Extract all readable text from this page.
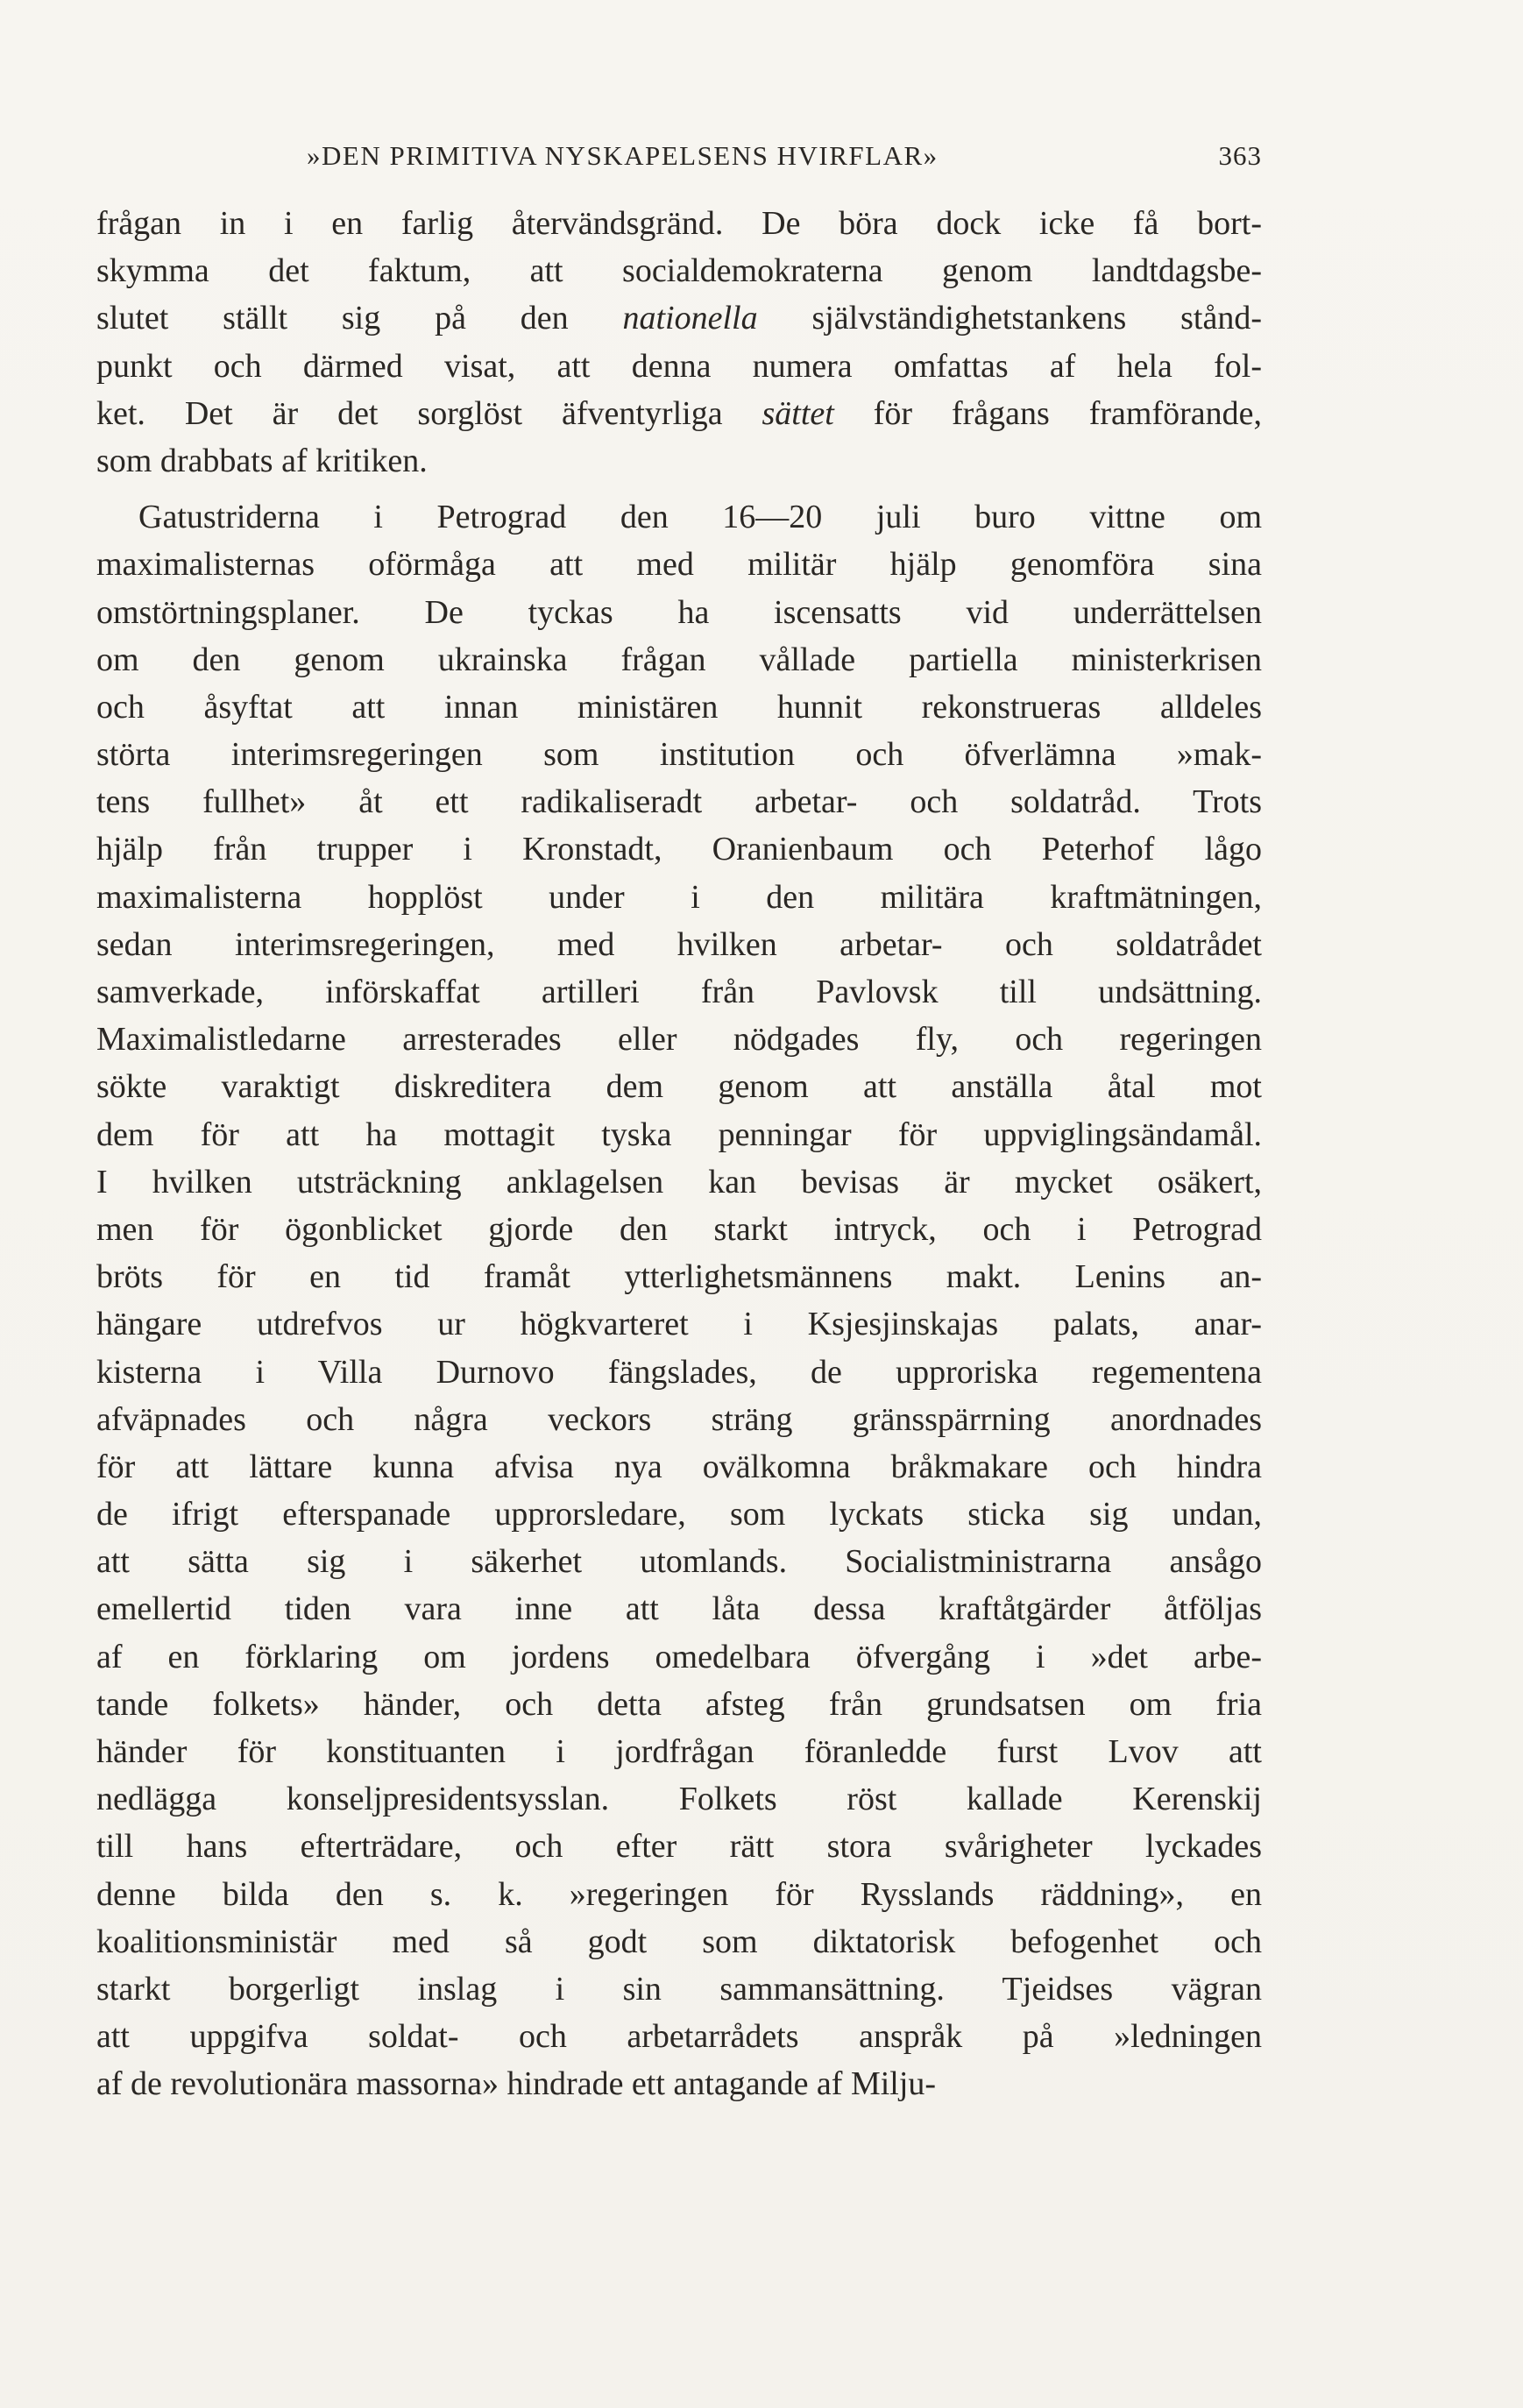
»DEN PRIMITIVA NYSKAPELSENS HVIRFLAR»	363
frågan in i en farlig återvändsgränd. De böra dock icke få bort-
skymma det faktum, att socialdemokraterna genom landtdagsbe-
slutet ställt sig på den nationella självständighetstankens stånd-
punkt och därmed visat, att denna numera omfattas af hela fol-
ket. Det är det sorglöst äfventyrliga sättet för frågans framförande,
som drabbats af kritiken.
Gatustriderna i Petrograd den 16—20 juli buro vittne om
maximalisternas oförmåga att med militär hjälp genomföra sina
omstörtningsplaner. De tyckas ha iscensatts vid underrättelsen
om den genom ukrainska frågan vållade partiella ministerkrisen
och åsyftat att innan ministären hunnit rekonstrueras alldeles
störta interimsregeringen som institution och öfverlämna »mak-
tens fullhet» åt ett radikaliseradt arbetar- och soldatråd. Trots
hjälp från trupper i Kronstadt, Oranienbaum och Peterhof lågo
maximalisterna hopplöst under i den militära kraftmätningen,
sedan interimsregeringen, med hvilken arbetar- och soldatrådet
samverkade, införskaffat artilleri från Pavlovsk till undsättning.
Maximalistledarne arresterades eller nödgades fly, och regeringen
sökte varaktigt diskreditera dem genom att anställa åtal mot
dem för att ha mottagit tyska penningar för uppviglingsändamål.
I hvilken utsträckning anklagelsen kan bevisas är mycket osäkert,
men för ögonblicket gjorde den starkt intryck, och i Petrograd
bröts för en tid framåt ytterlighetsmännens makt. Lenins an-
hängare utdrefvos ur högkvarteret i Ksjesjinskajas palats, anar-
kisterna i Villa Durnovo fängslades, de upproriska regementena
afväpnades och några veckors sträng gränsspärrning anordnades
för att lättare kunna afvisa nya ovälkomna bråkmakare och hindra
de ifrigt efterspanade upprorsledare, som lyckats sticka sig undan,
att sätta sig i säkerhet utomlands. Socialistministrarna ansågo
emellertid tiden vara inne att låta dessa kraftåtgärder åtföljas
af en förklaring om jordens omedelbara öfvergång i »det arbe-
tande folkets» händer, och detta afsteg från grundsatsen om fria
händer för konstituanten i jordfrågan föranledde furst Lvov att
nedlägga konseljpresidentsysslan. Folkets röst kallade Kerenskij
till hans efterträdare, och efter rätt stora svårigheter lyckades
denne bilda den s. k. »regeringen för Rysslands räddning», en
koalitionsministär med så godt som diktatorisk befogenhet och
starkt borgerligt inslag i sin sammansättning. Tjeidses vägran
att uppgifva soldat- och arbetarrådets anspråk på »ledningen
af de revolutionära massorna» hindrade ett antagande af Milju-
